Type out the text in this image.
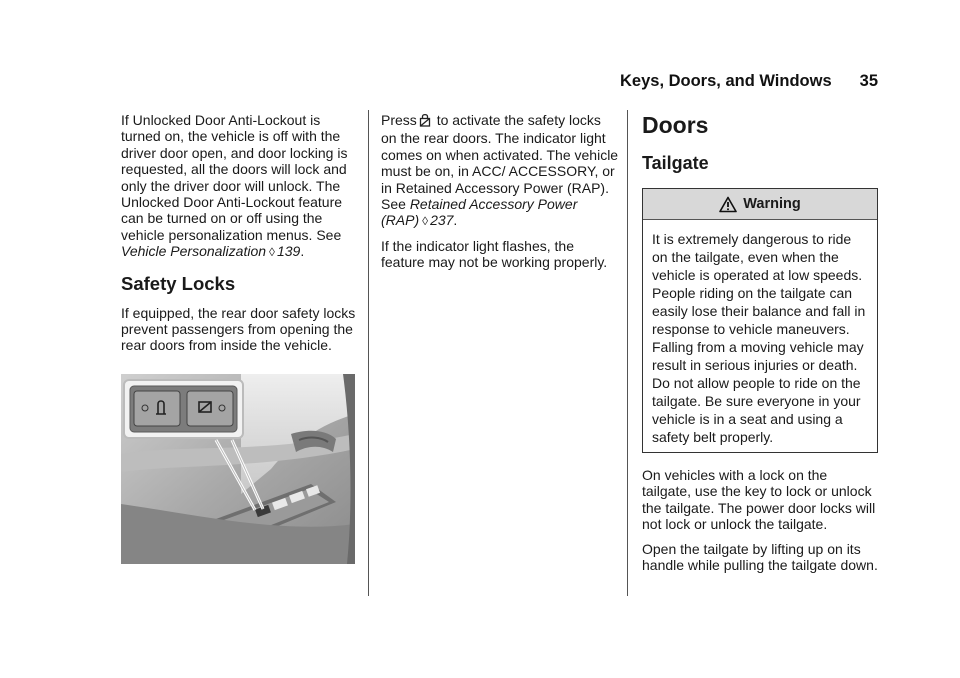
Keys, Doors, and Windows 35

If Unlocked Door Anti-Lockout is turned on, the vehicle is off with the driver door open, and door locking is requested, all the doors will lock and only the driver door will unlock. The Unlocked Door Anti-Lockout feature can be turned on or off using the vehicle personalization menus. See Vehicle Personalization ◊ 139.

Safety Locks

If equipped, the rear door safety locks prevent passengers from opening the rear doors from inside the vehicle.

Press to activate the safety locks on the rear doors. The indicator light comes on when activated. The vehicle must be on, in ACC/ ACCESSORY, or in Retained Accessory Power (RAP). See Retained Accessory Power (RAP) ◊ 237.

If the indicator light flashes, the feature may not be working properly.

Doors
Tailgate
Warning
It is extremely dangerous to ride on the tailgate, even when the vehicle is operated at low speeds. People riding on the tailgate can easily lose their balance and fall in response to vehicle maneuvers. Falling from a moving vehicle may result in serious injuries or death. Do not allow people to ride on the tailgate. Be sure everyone in your vehicle is in a seat and using a safety belt properly.

On vehicles with a lock on the tailgate, use the key to lock or unlock the tailgate. The power door locks will not lock or unlock the tailgate.

Open the tailgate by lifting up on its handle while pulling the tailgate down.
